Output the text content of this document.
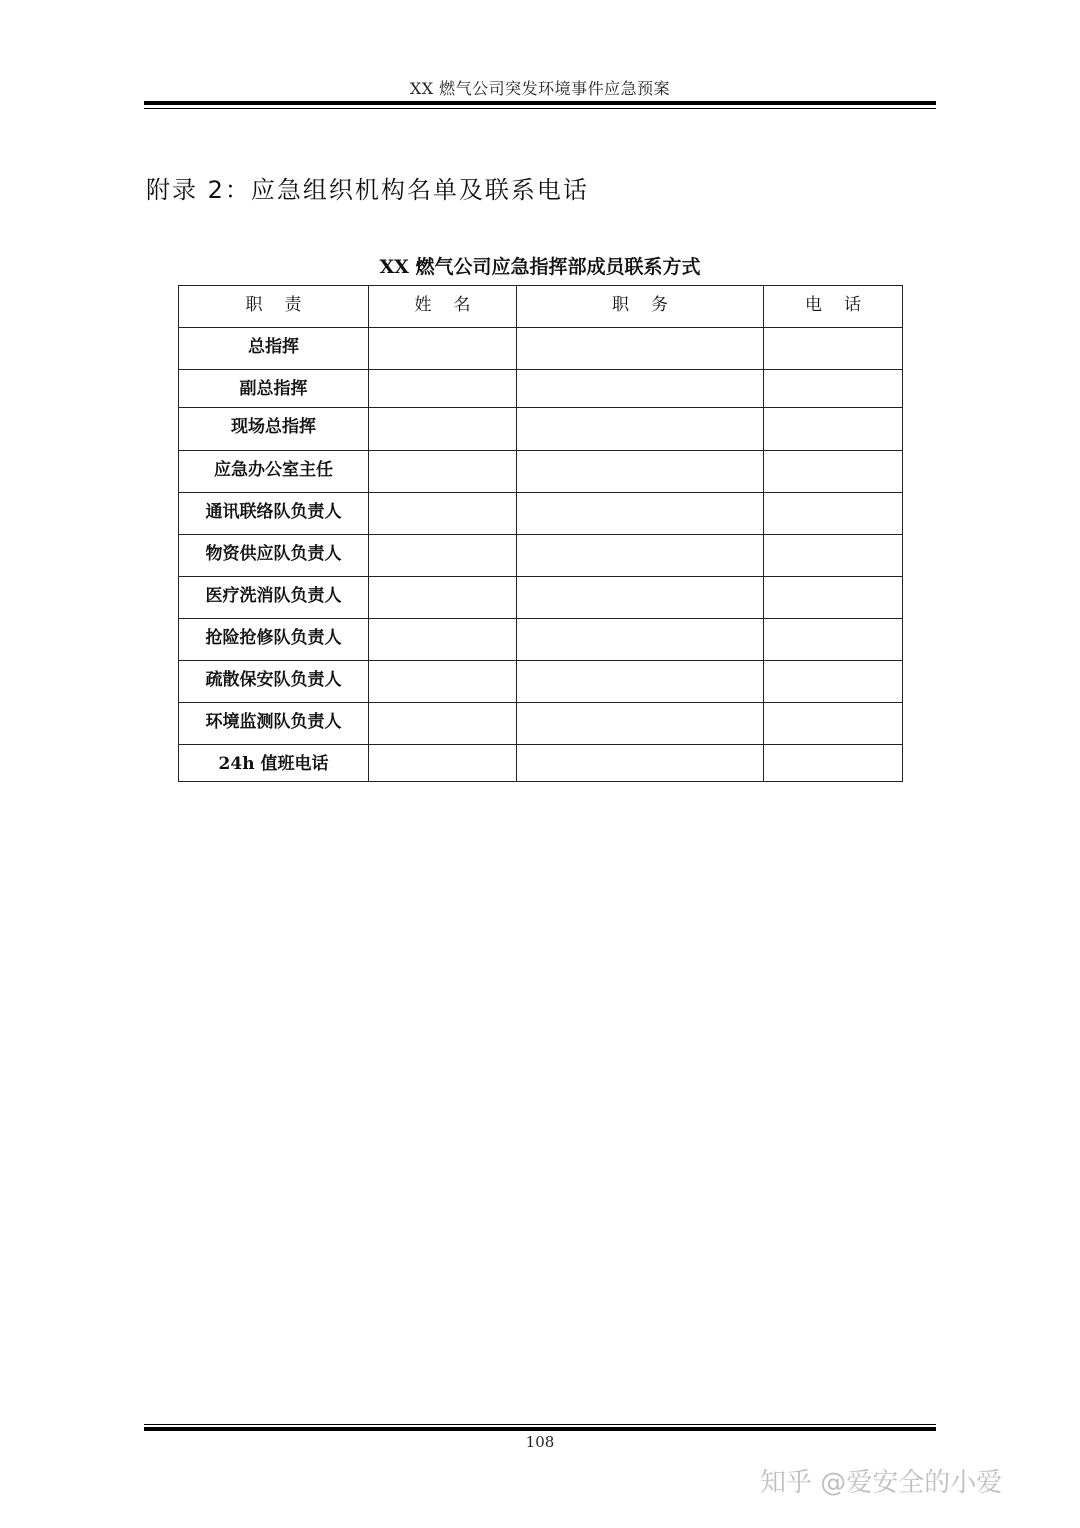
XX 燃气公司突发环境事件应急预案
附录 2：应急组织机构名单及联系电话
XX 燃气公司应急指挥部成员联系方式
职责	姓名	职务	电话
总指挥			
副总指挥			
现场总指挥			
应急办公室主任			
通讯联络队负责人			
物资供应队负责人			
医疗洗消队负责人			
抢险抢修队负责人			
疏散保安队负责人			
环境监测队负责人			
24h 值班电话			
108
知乎 @爱安全的小爱
